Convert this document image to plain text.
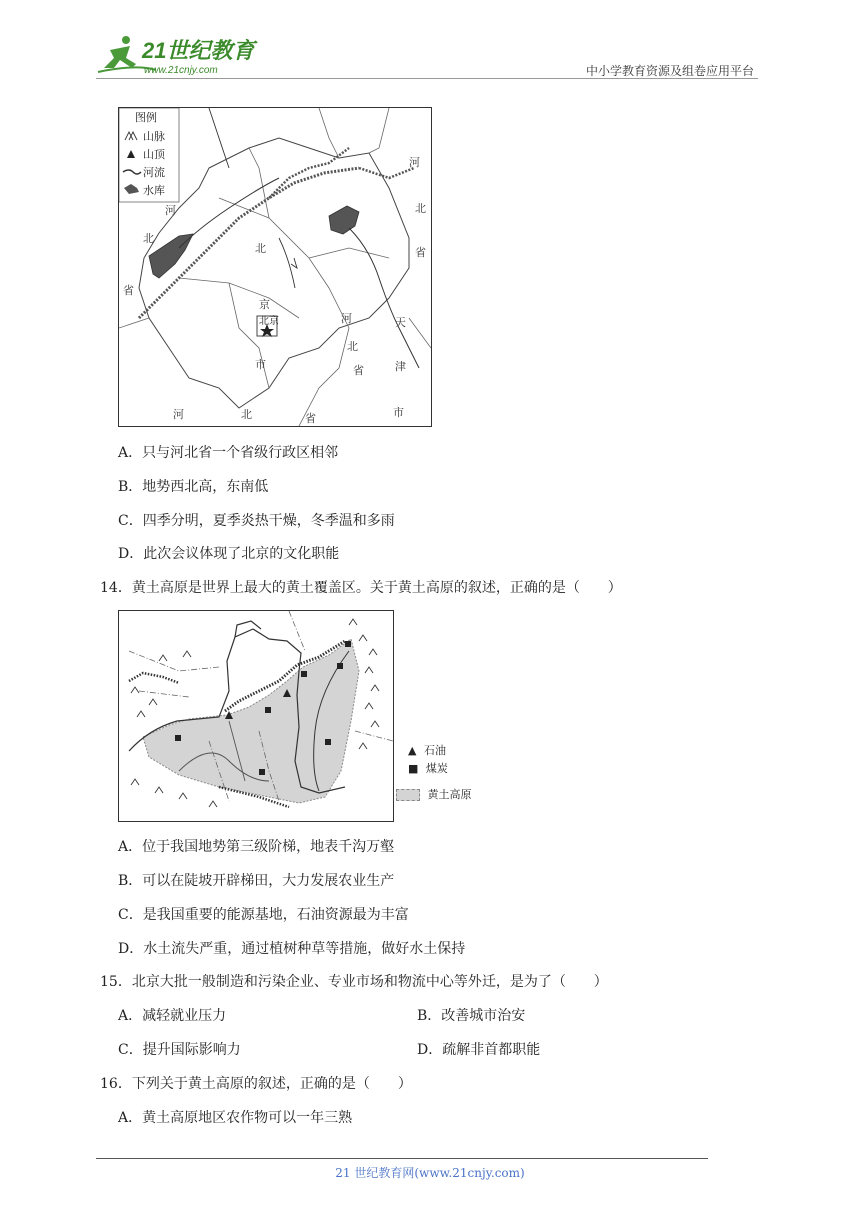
21世纪教育
www.21cnjy.com	中小学教育资源及组卷应用平台
图例
山脉
山顶
河流
水库
河
北
省
河
北
省
北
京
北京
市
河
北
省
天
津
市
河	北	省
A．只与河北省一个省级行政区相邻
B．地势西北高，东南低
C．四季分明，夏季炎热干燥，冬季温和多雨
D．此次会议体现了北京的文化职能
14．黄土高原是世界上最大的黄土覆盖区。关于黄土高原的叙述，正确的是（　　）
▲ 石油
■ 煤炭
黄土高原
A．位于我国地势第三级阶梯，地表千沟万壑
B．可以在陡坡开辟梯田，大力发展农业生产
C．是我国重要的能源基地，石油资源最为丰富
D．水土流失严重，通过植树种草等措施，做好水土保持
15．北京大批一般制造和污染企业、专业市场和物流中心等外迁，是为了（　　）
A．减轻就业压力	B．改善城市治安
C．提升国际影响力	D．疏解非首都职能
16．下列关于黄土高原的叙述，正确的是（　　）
A．黄土高原地区农作物可以一年三熟
21 世纪教育网(www.21cnjy.com)
